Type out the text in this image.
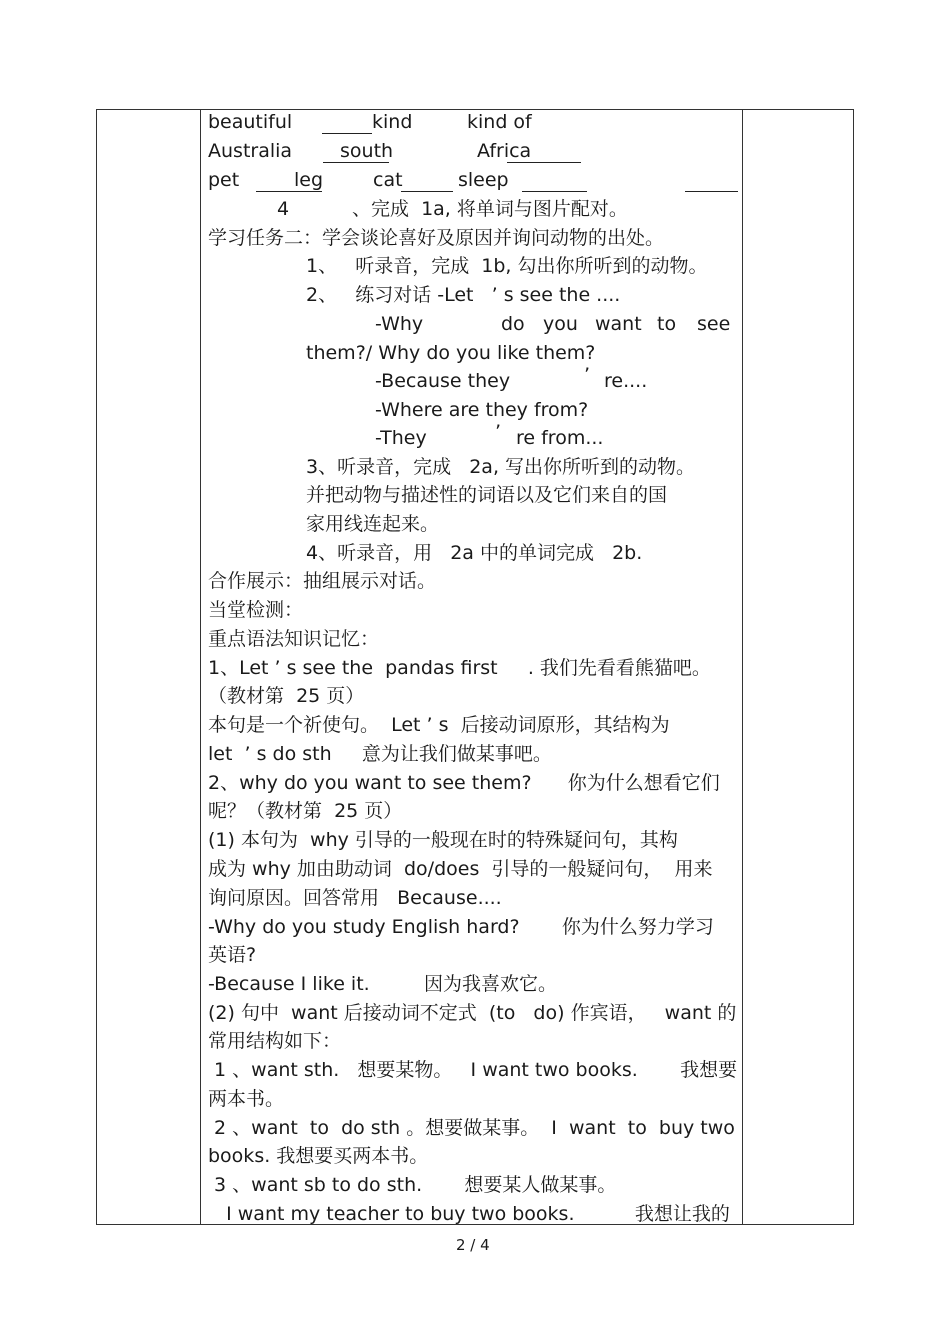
beautiful	kind	kind of
Australia	south	Africa
pet	leg	cat	sleep
4	、完成  1a, 将单词与图片配对。
学习任务二：学会谈论喜好及原因并询问动物的出处。
1、   听录音，完成  1b, 勾出你所听到的动物。
2、   练习对话 -Let   ’ s see the ....
-Why	do you want to see
them?/ Why do you like them?
-Because they	’ re....
-Where are they from?
-They	’ re from...
3、听录音，完成   2a, 写出你所听到的动物。
并把动物与描述性的词语以及它们来自的国
家用线连起来。
4、听录音，用   2a 中的单词完成   2b.
合作展示：抽组展示对话。
当堂检测：
重点语法知识记忆：
1、Let ’ s see the  pandas first     . 我们先看看熊猫吧。
（教材第  25 页）
本句是一个祈使句。  Let ’ s  后接动词原形，其结构为
let  ’ s do sth     意为让我们做某事吧。
2、why do you want to see them?      你为什么想看它们
呢？（教材第  25 页）
(1) 本句为  why 引导的一般现在时的特殊疑问句，其构
成为 why 加由助动词  do/does  引导的一般疑问句，  用来
询问原因。回答常用   Because....
-Why do you study English hard?       你为什么努力学习
英语?
-Because I like it.         因为我喜欢它。
(2) 句中  want 后接动词不定式  (to   do) 作宾语，   want 的
常用结构如下：
1 、want sth.   想要某物。   I want two books.       我想要
两本书。
2 、want  to  do sth 。想要做某事。  I  want  to  buy two
books. 我想要买两本书。
3 、want sb to do sth.       想要某人做某事。
I want my teacher to buy two books.          我想让我的
2 / 4
